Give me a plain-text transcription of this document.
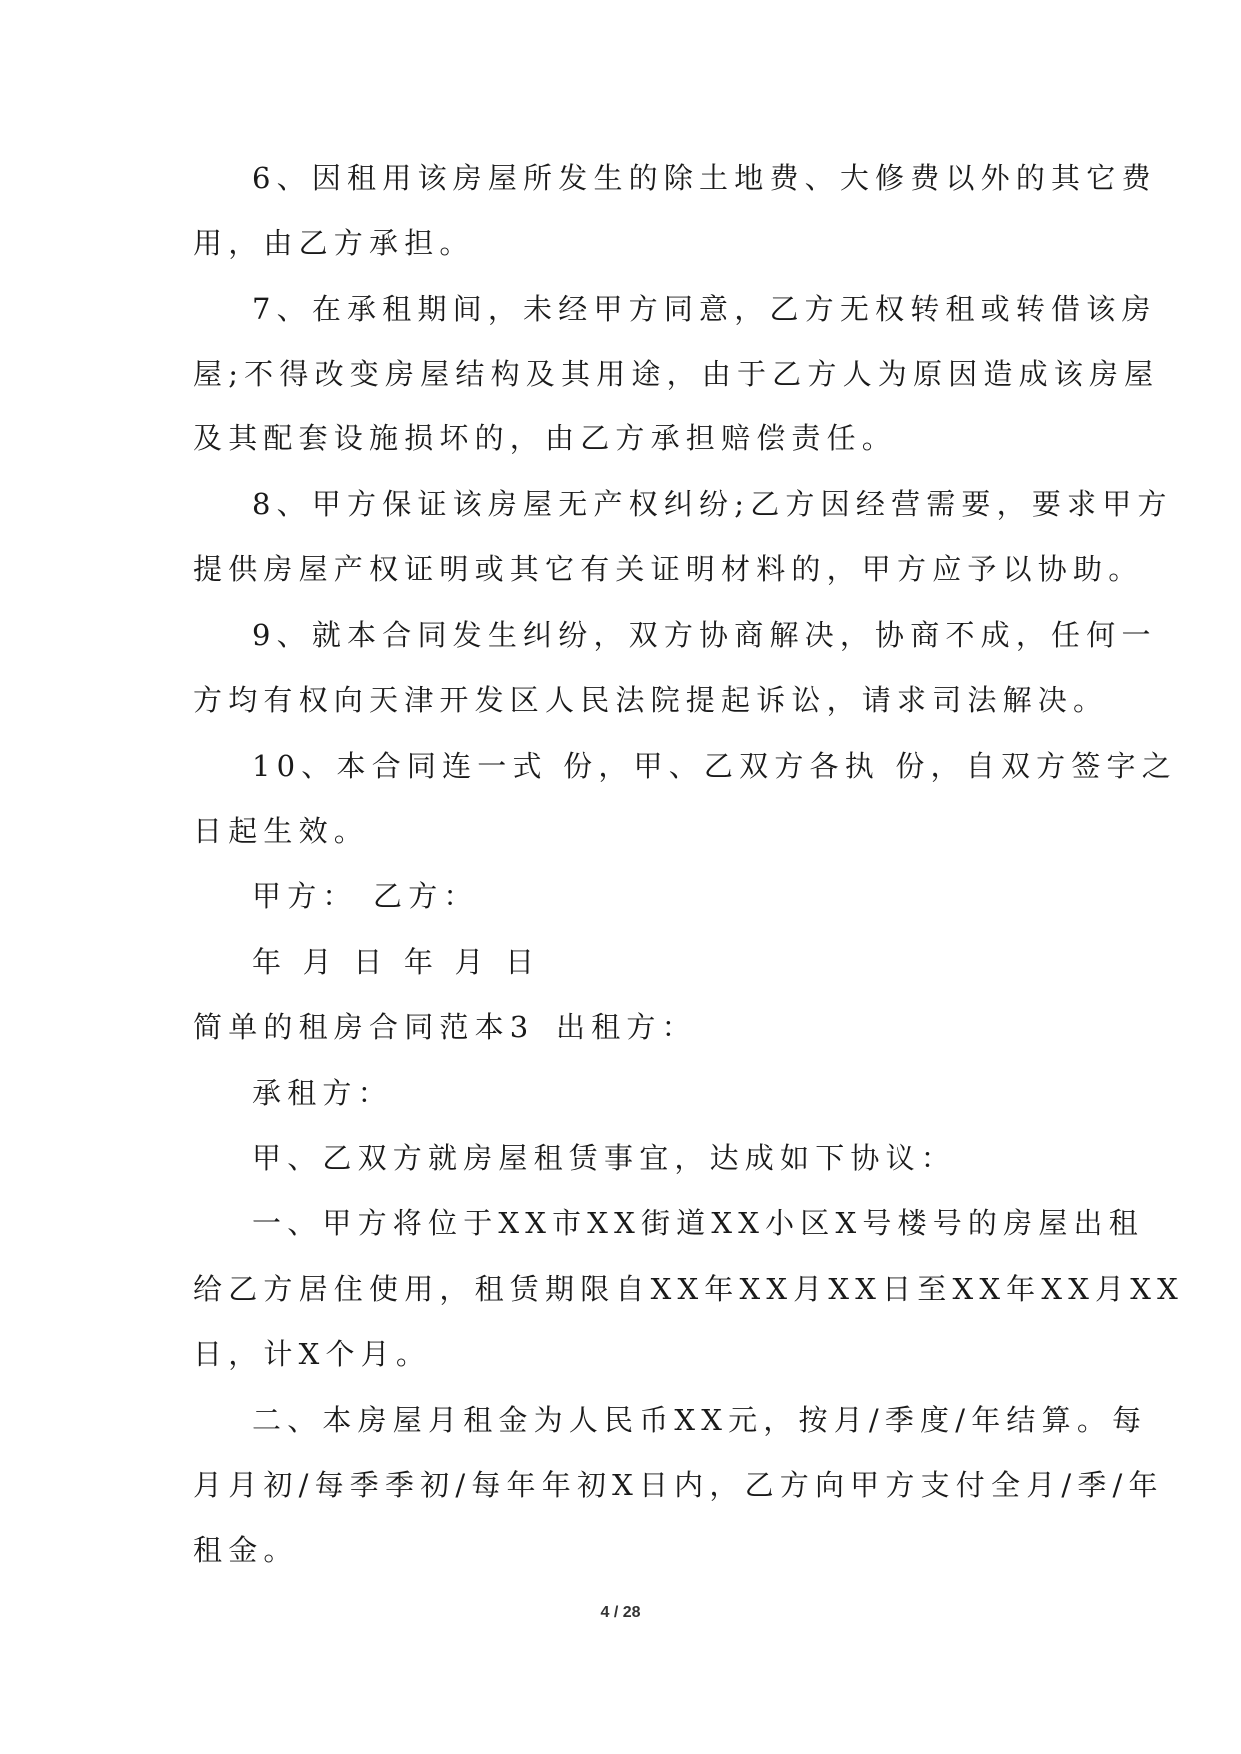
6、因租用该房屋所发生的除土地费、大修费以外的其它费
用，由乙方承担。
7、在承租期间，未经甲方同意，乙方无权转租或转借该房
屋;不得改变房屋结构及其用途，由于乙方人为原因造成该房屋
及其配套设施损坏的，由乙方承担赔偿责任。
8、甲方保证该房屋无产权纠纷;乙方因经营需要，要求甲方
提供房屋产权证明或其它有关证明材料的，甲方应予以协助。
9、就本合同发生纠纷，双方协商解决，协商不成，任何一
方均有权向天津开发区人民法院提起诉讼，请求司法解决。
10、本合同连一式 份，甲、乙双方各执 份，自双方签字之
日起生效。
甲方： 乙方：
年 月 日 年 月 日
简单的租房合同范本3 出租方：
承租方：
甲、乙双方就房屋租赁事宜，达成如下协议：
一、甲方将位于XX市XX街道XX小区X号楼号的房屋出租
给乙方居住使用，租赁期限自XX年XX月XX日至XX年XX月XX
日，计X个月。
二、本房屋月租金为人民币XX元，按月/季度/年结算。每
月月初/每季季初/每年年初X日内，乙方向甲方支付全月/季/年
租金。
4 / 28
